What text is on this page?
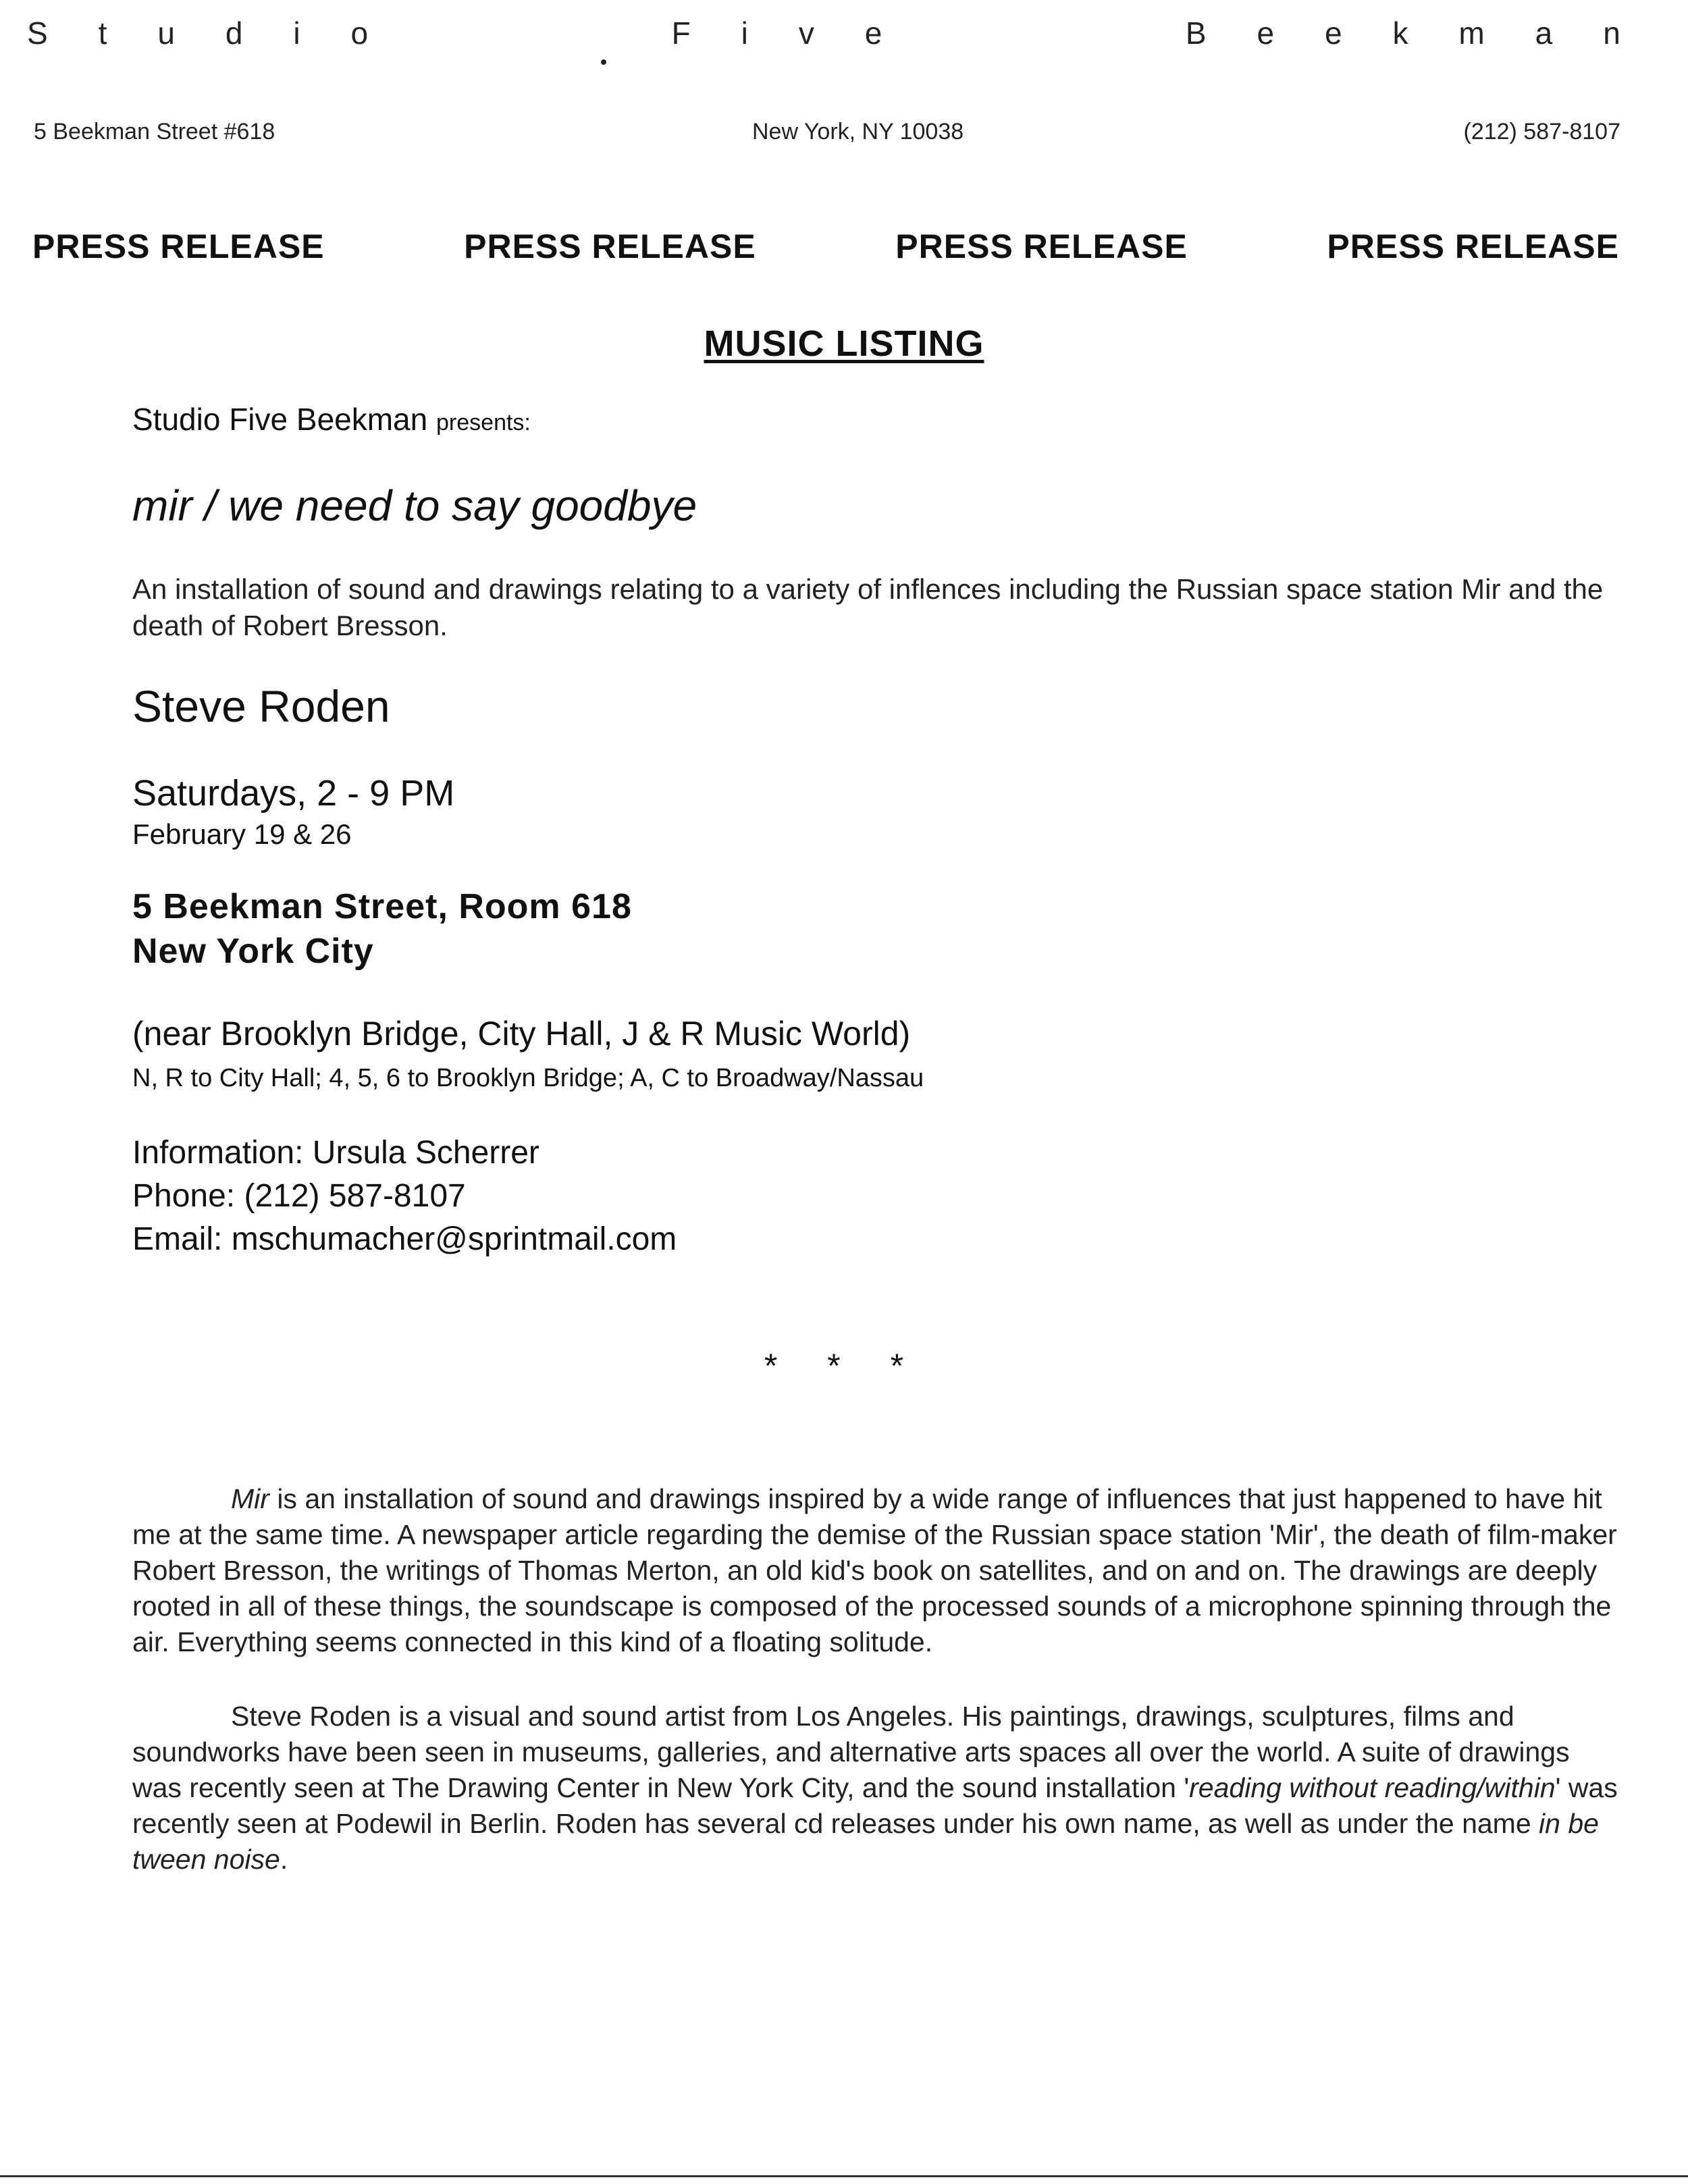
S t u d i o	F i v e	B e e k m a n
5 Beekman Street #618	New York, NY 10038	(212) 587-8107
PRESS RELEASE	PRESS RELEASE	PRESS RELEASE	PRESS RELEASE
MUSIC LISTING
Studio Five Beekman presents:
mir / we need to say goodbye
An installation of sound and drawings relating to a variety of inflences including the Russian space station Mir and the death of Robert Bresson.
Steve Roden
Saturdays, 2 - 9 PM
February 19 & 26
5 Beekman Street, Room 618
New York City
(near Brooklyn Bridge, City Hall, J & R Music World)
N, R to City Hall; 4, 5, 6 to Brooklyn Bridge; A, C to Broadway/Nassau
Information: Ursula Scherrer
Phone: (212) 587-8107
Email: mschumacher@sprintmail.com
* * *
Mir is an installation of sound and drawings inspired by a wide range of influences that just happened to have hit me at the same time. A newspaper article regarding the demise of the Russian space station 'Mir', the death of film-maker Robert Bresson, the writings of Thomas Merton, an old kid's book on satellites, and on and on. The drawings are deeply rooted in all of these things, the soundscape is composed of the processed sounds of a microphone spinning through the air. Everything seems connected in this kind of a floating solitude.
Steve Roden is a visual and sound artist from Los Angeles. His paintings, drawings, sculptures, films and soundworks have been seen in museums, galleries, and alternative arts spaces all over the world. A suite of drawings was recently seen at The Drawing Center in New York City, and the sound installation 'reading without reading/within' was recently seen at Podewil in Berlin. Roden has several cd releases under his own name, as well as under the name in be tween noise.
